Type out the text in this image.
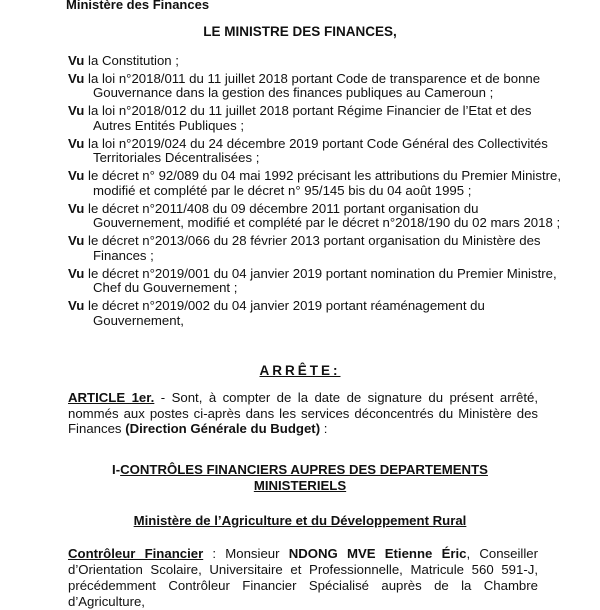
Ministère des Finances
LE MINISTRE DES FINANCES,
Vu la Constitution ;
Vu la loi n°2018/011 du 11 juillet 2018 portant Code de transparence et de bonne
Gouvernance dans la gestion des finances publiques au Cameroun ;
Vu la loi n°2018/012 du 11 juillet 2018 portant Régime Financier de l’Etat et des
Autres Entités Publiques ;
Vu la loi n°2019/024 du 24 décembre 2019 portant Code Général des Collectivités
Territoriales Décentralisées ;
Vu le décret n° 92/089 du 04 mai 1992 précisant les attributions du Premier Ministre,
modifié et complété par le décret n° 95/145 bis du 04 août 1995 ;
Vu le décret n°2011/408 du 09 décembre 2011 portant organisation du
Gouvernement, modifié et complété par le décret n°2018/190 du 02 mars 2018 ;
Vu le décret n°2013/066 du 28 février 2013 portant organisation du Ministère des
Finances ;
Vu le décret n°2019/001 du 04 janvier 2019 portant nomination du Premier Ministre,
Chef du Gouvernement ;
Vu le décret n°2019/002 du 04 janvier 2019 portant réaménagement du
Gouvernement,
ARRÊTE:
ARTICLE 1er. - Sont, à compter de la date de signature du présent arrêté, nommés aux postes ci-après dans les services déconcentrés du Ministère des Finances (Direction Générale du Budget) :
I-CONTRÔLES FINANCIERS AUPRES DES DEPARTEMENTS
MINISTERIELS
Ministère de l’Agriculture et du Développement Rural
Contrôleur Financier : Monsieur NDONG MVE Etienne Éric, Conseiller d’Orientation Scolaire, Universitaire et Professionnelle, Matricule 560 591-J, précédemment Contrôleur Financier Spécialisé auprès de la Chambre d’Agriculture,
